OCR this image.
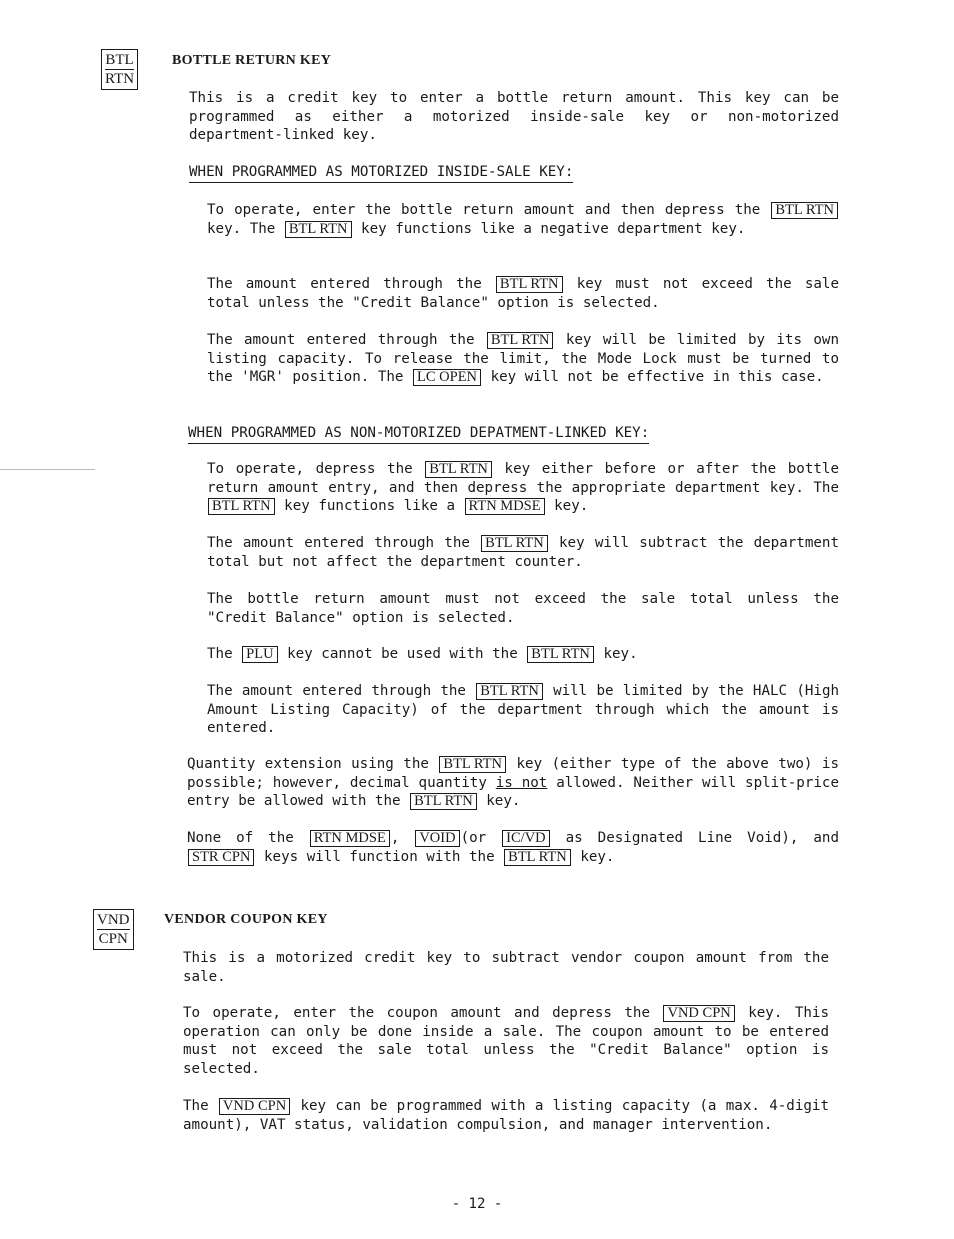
BTL
RTN
BOTTLE RETURN KEY
This is a credit key to enter a bottle return amount. This key can be programmed as either a motorized inside-sale key or non-motorized department-linked key.
WHEN PROGRAMMED AS MOTORIZED INSIDE-SALE KEY:
To operate, enter the bottle return amount and then depress the BTL RTN key. The BTL RTN key functions like a negative department key.
The amount entered through the BTL RTN key must not exceed the sale total unless the "Credit Balance" option is selected.
The amount entered through the BTL RTN key will be limited by its own listing capacity. To release the limit, the Mode Lock must be turned to the 'MGR' position. The LC OPEN key will not be effective in this case.
WHEN PROGRAMMED AS NON-MOTORIZED DEPATMENT-LINKED KEY:
To operate, depress the BTL RTN key either before or after the bottle return amount entry, and then depress the appropriate department key. The BTL RTN key functions like a RTN MDSE key.
The amount entered through the BTL RTN key will subtract the department total but not affect the department counter.
The bottle return amount must not exceed the sale total unless the "Credit Balance" option is selected.
The PLU key cannot be used with the BTL RTN key.
The amount entered through the BTL RTN will be limited by the HALC (High Amount Listing Capacity) of the department through which the amount is entered.
Quantity extension using the BTL RTN key (either type of the above two) is possible; however, decimal quantity is not allowed. Neither will split-price entry be allowed with the BTL RTN key.
None of the RTN MDSE , VOID (or IC/VD as Designated Line Void), and STR CPN keys will function with the BTL RTN key.
VND
CPN
VENDOR COUPON KEY
This is a motorized credit key to subtract vendor coupon amount from the sale.
To operate, enter the coupon amount and depress the VND CPN key. This operation can only be done inside a sale. The coupon amount to be entered must not exceed the sale total unless the "Credit Balance" option is selected.
The VND CPN key can be programmed with a listing capacity (a max. 4-digit amount), VAT status, validation compulsion, and manager intervention.
- 12 -
